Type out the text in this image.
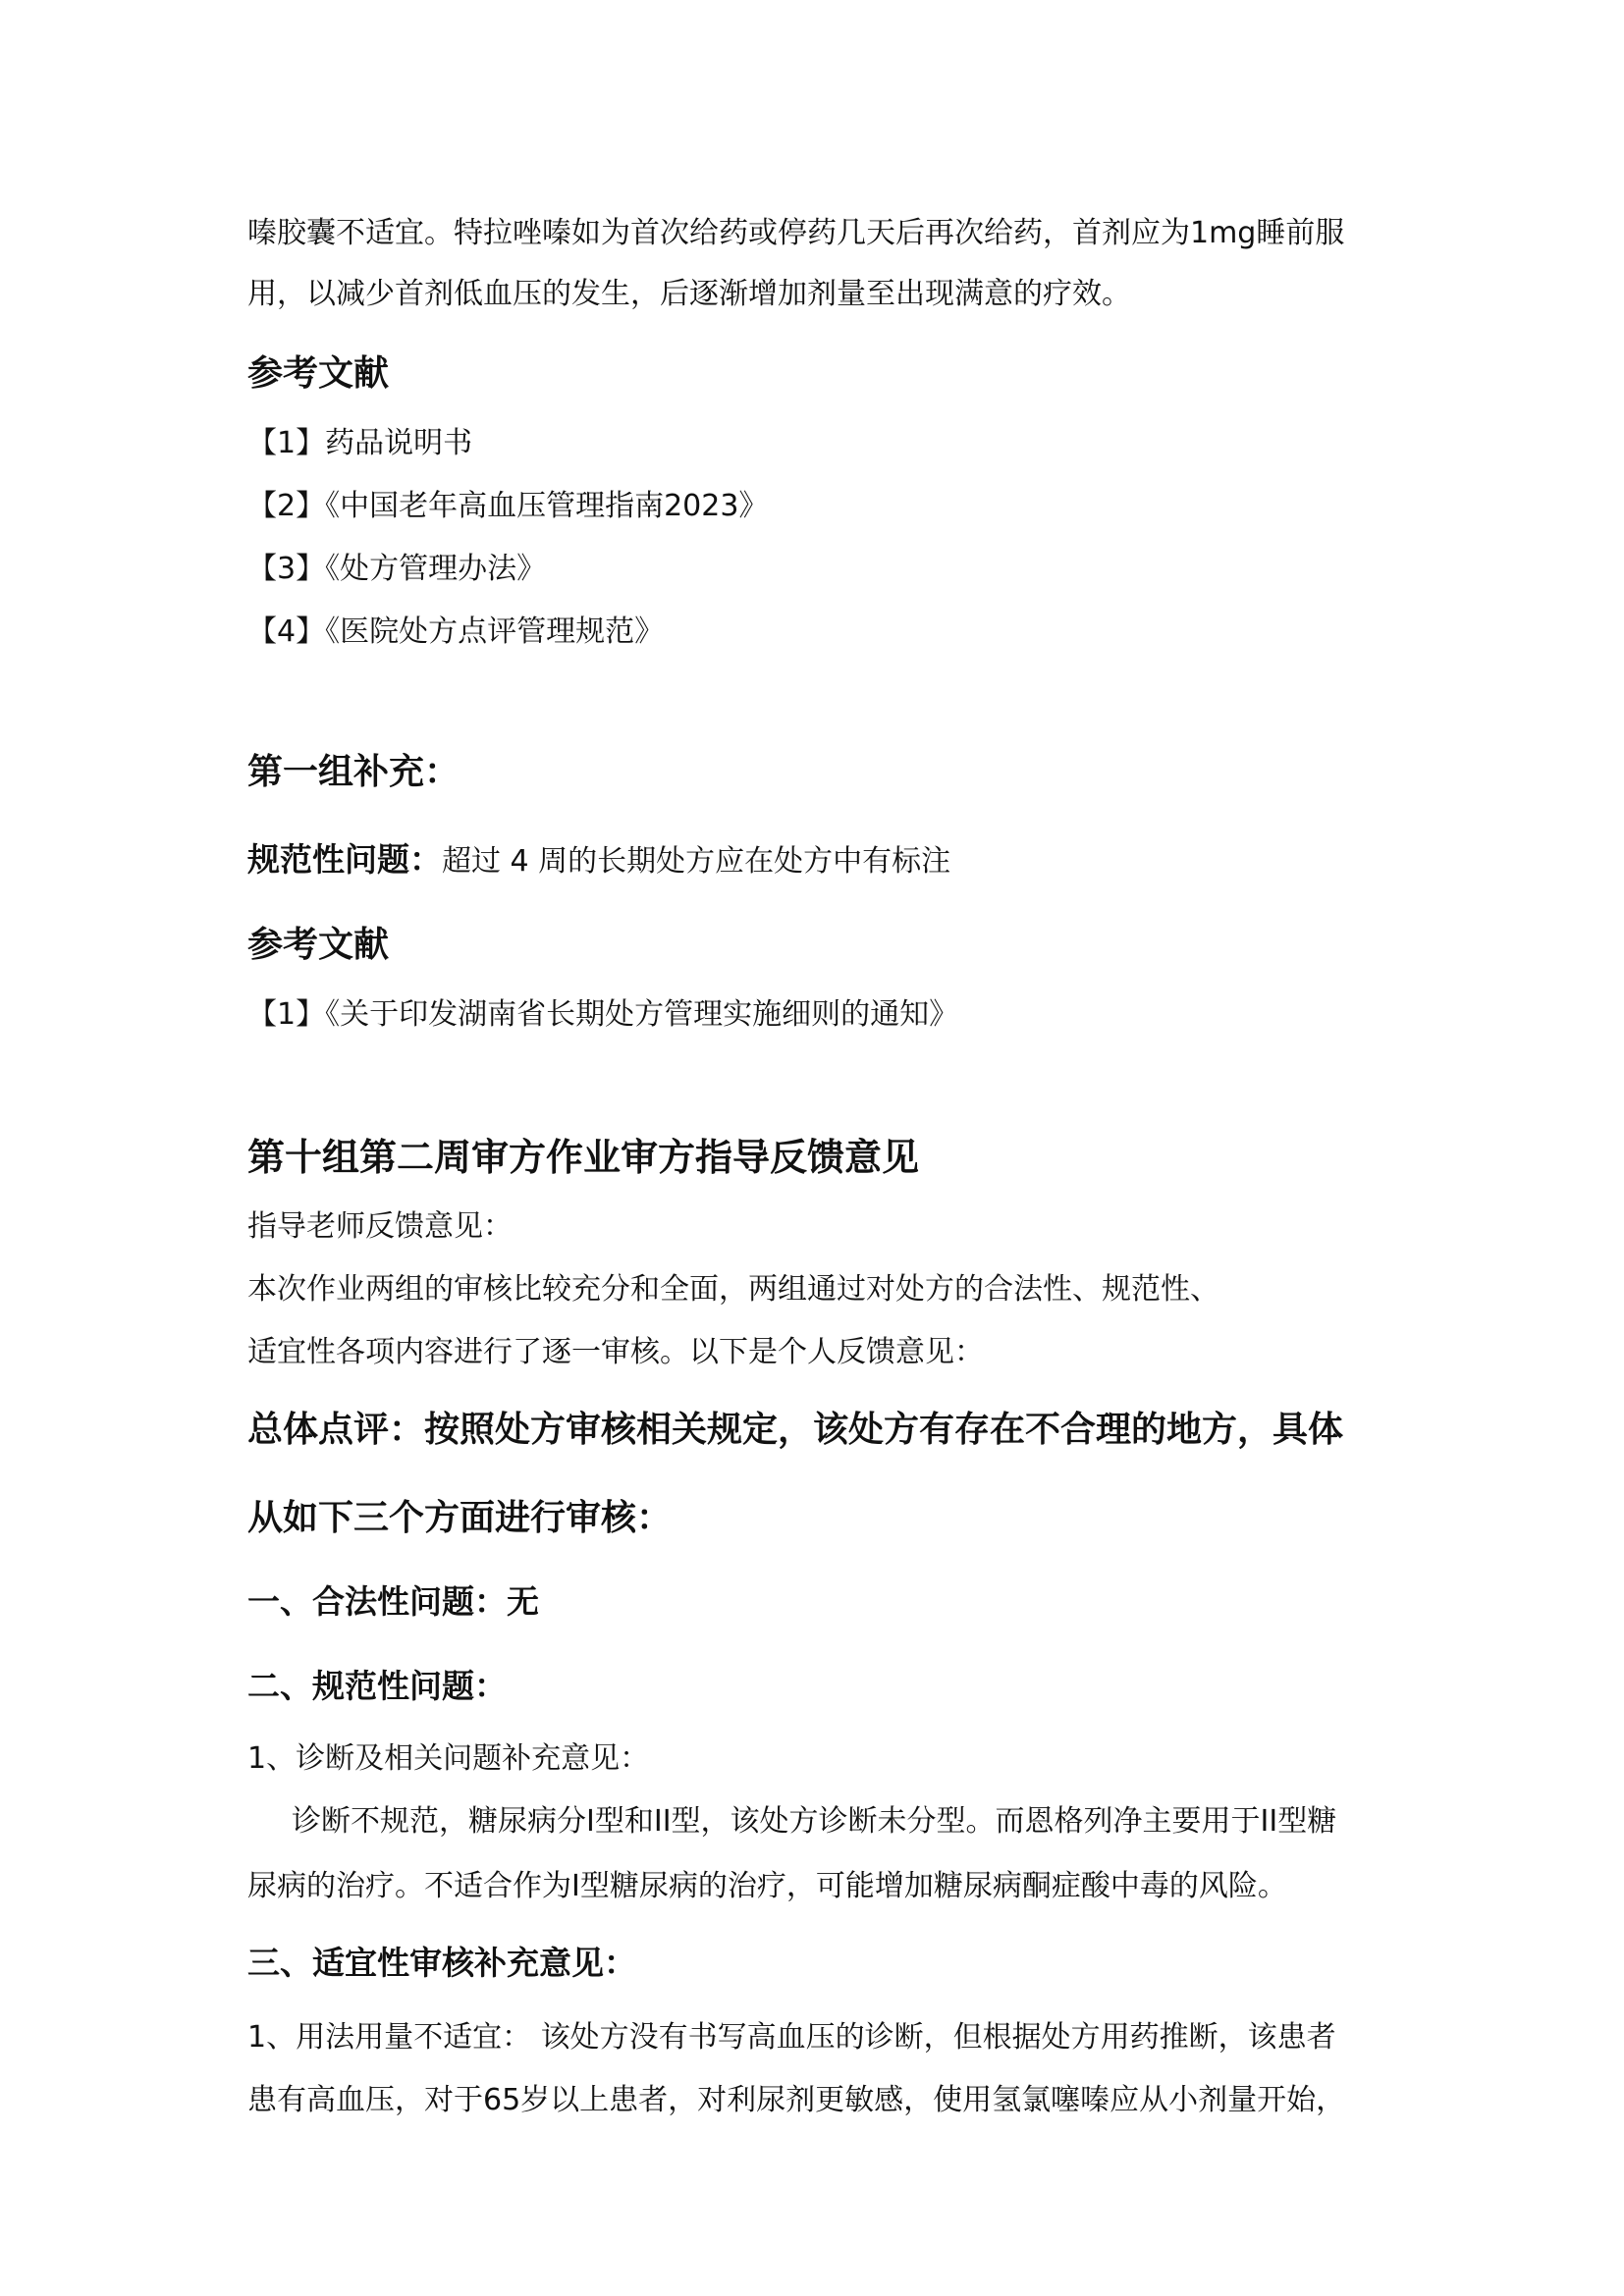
嗪胶囊不适宜。特拉唑嗪如为首次给药或停药几天后再次给药，首剂应为1mg睡前服

用，以减少首剂低血压的发生，后逐渐增加剂量至出现满意的疗效。

参考文献

【1】药品说明书

【2】《中国老年高血压管理指南2023》

【3】《处方管理办法》

【4】《医院处方点评管理规范》

第一组补充：

规范性问题：超过 4 周的长期处方应在处方中有标注

参考文献

【1】《关于印发湖南省长期处方管理实施细则的通知》

第十组第二周审方作业审方指导反馈意见

指导老师反馈意见：

本次作业两组的审核比较充分和全面，两组通过对处方的合法性、规范性、

适宜性各项内容进行了逐一审核。以下是个人反馈意见：

总体点评：按照处方审核相关规定，该处方有存在不合理的地方，具体

从如下三个方面进行审核：

一、合法性问题：无

二、规范性问题：

1、诊断及相关问题补充意见：

诊断不规范，糖尿病分I型和II型，该处方诊断未分型。而恩格列净主要用于II型糖

尿病的治疗。不适合作为I型糖尿病的治疗，可能增加糖尿病酮症酸中毒的风险。

三、适宜性审核补充意见：

1、用法用量不适宜： 该处方没有书写高血压的诊断，但根据处方用药推断，该患者

患有高血压，对于65岁以上患者，对利尿剂更敏感，使用氢氯噻嗪应从小剂量开始，
